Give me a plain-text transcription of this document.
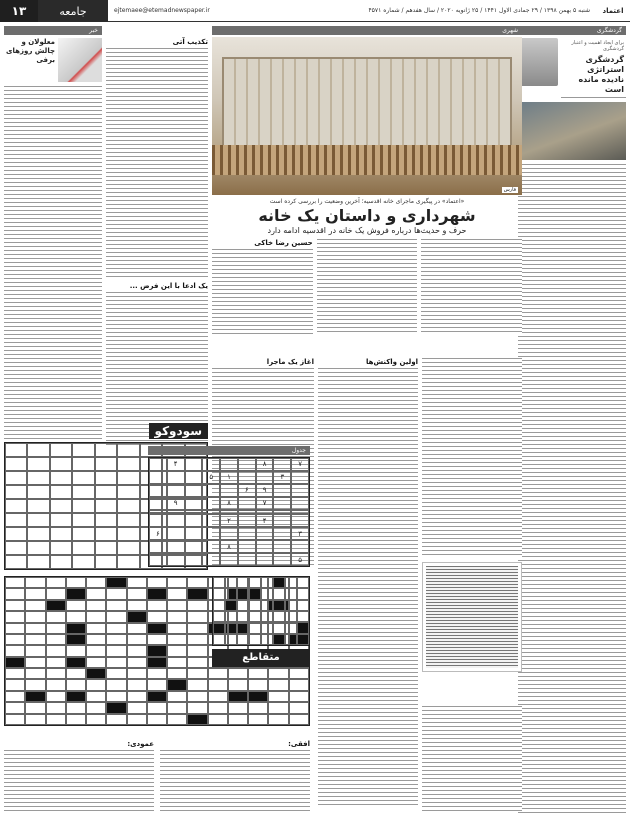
۱۳	جامعه	ejtemaee@etemadnewspaper.ir	شنبه ۵ بهمن ۱۳۹۸ / ۲۹ جمادی الاول ۱۴۴۱ / ۲۵ ژانویه ۲۰۲۰ / سال هفدهم / شماره ۴۵۷۱	اعتماد
گردشگری
برای ایجاد اهمیت و اعتبار گردشگری
گردشگری استراتژی نادیده مانده است
شهری
فارس
«اعتماد» در پیگیری ماجرای خانه اقدسیه؛ آخرین وضعیت را بررسی کرده است
شهرداری و داستان یک خانه
حرف و حدیث‌ها درباره فروش یک خانه در اقدسیه ادامه دارد
حسین رضا خاکی
اولین واکنش‌ها
آغاز یک ماجرا
خبر
معلولان و چالش روزهای برفی
تکذیب آتی
یک ادعا با این فرض ...
سودوکو
جدول
۷
۸
۴
۳
۱
۵
۹
۶
۷
۸
۹
۴
۲
۳
۶
۸
۵
متقاطع
افقی:
عمودی:
